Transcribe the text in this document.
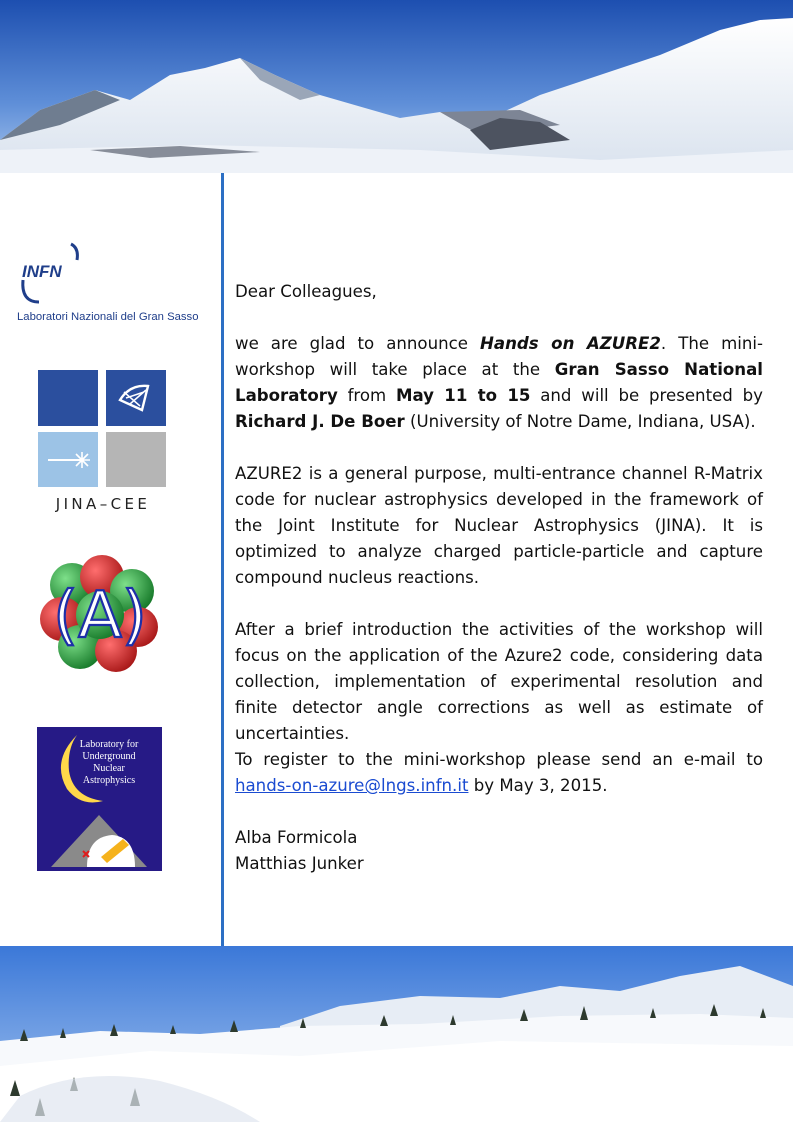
INFN
Laboratori Nazionali del Gran Sasso
JINA–CEE
(A)
Laboratory for
Underground
Nuclear
Astrophysics

Dear Colleagues,

we are glad to announce Hands on AZURE2. The mini-workshop will take place at the Gran Sasso National Laboratory from May 11 to 15 and will be presented by Richard J. De Boer (University of Notre Dame, Indiana, USA).

AZURE2 is a general purpose, multi-entrance channel R-Matrix code for nuclear astrophysics developed in the framework of the Joint Institute for Nuclear Astrophysics (JINA). It is optimized to analyze charged particle-particle and capture compound nucleus reactions.

After a brief introduction the activities of the workshop will focus on the application of the Azure2 code, considering data collection, implementation of experimental resolution and finite detector angle corrections as well as estimate of uncertainties.

To register to the mini-workshop please send an e-mail to hands-on-azure@lngs.infn.it by May 3, 2015.

Alba Formicola

Matthias Junker
